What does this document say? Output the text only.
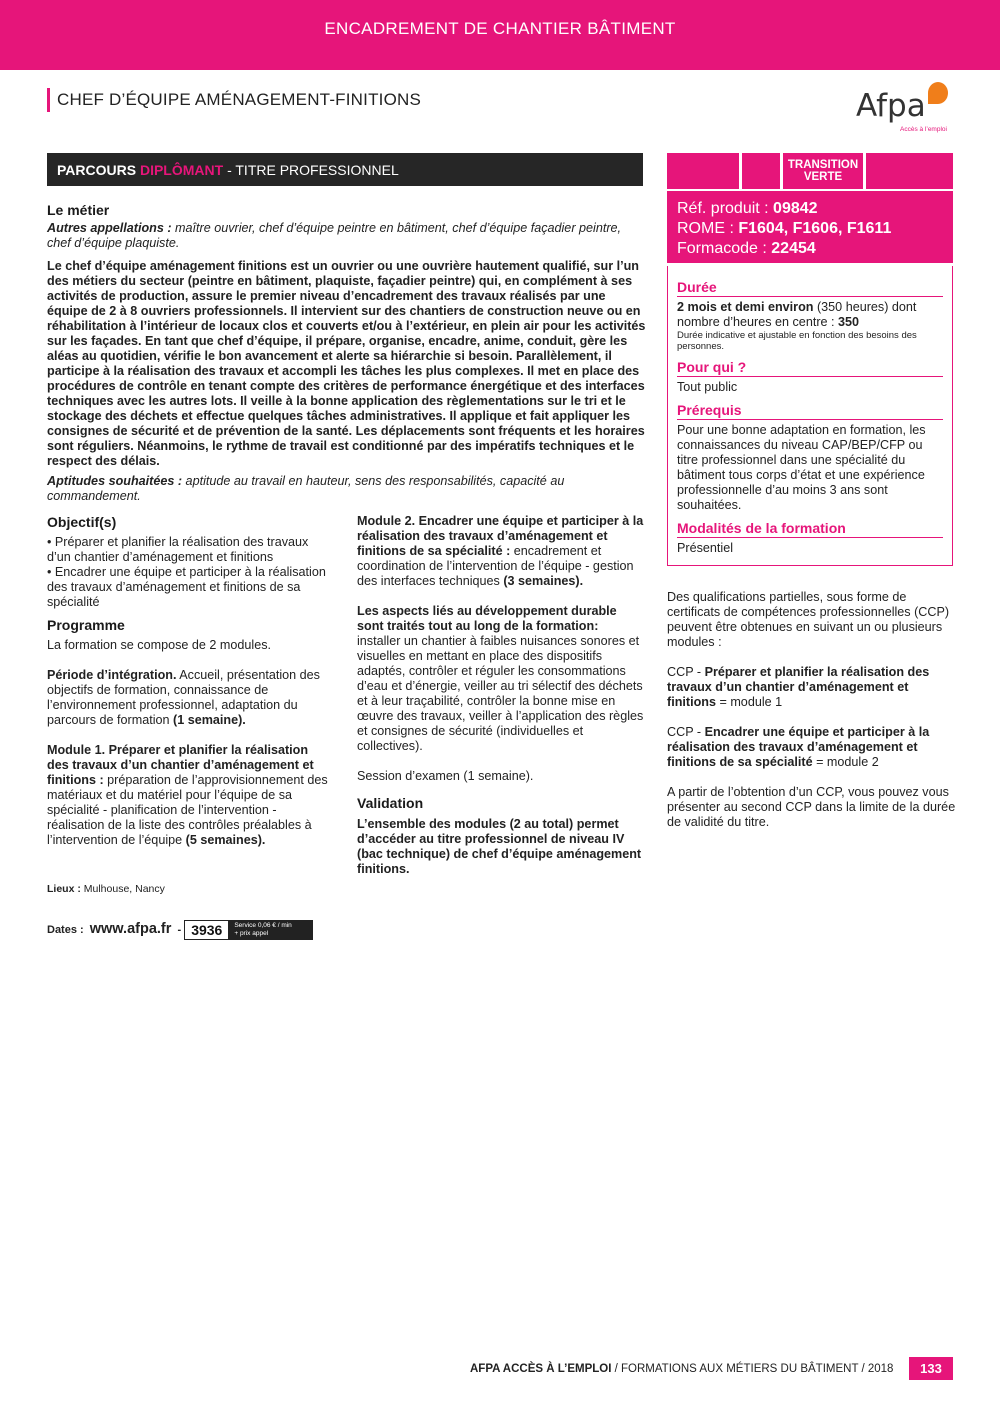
ENCADREMENT DE CHANTIER BÂTIMENT
CHEF D’ÉQUIPE AMÉNAGEMENT-FINITIONS	Afpa
Accès à l’emploi
PARCOURS DIPLÔMANT - TITRE PROFESSIONNEL
Le métier
Autres appellations : maître ouvrier, chef d’équipe peintre en bâtiment, chef d’équipe façadier peintre, chef d’équipe plaquiste.
Le chef d’équipe aménagement finitions est un ouvrier ou une ouvrière hautement qualifié, sur l’un des métiers du secteur (peintre en bâtiment, plaquiste, façadier peintre) qui, en complément à ses activités de production, assure le premier niveau d’encadrement des travaux réalisés par une équipe de 2 à 8 ouvriers professionnels. Il intervient sur des chantiers de construction neuve ou en réhabilitation à l’intérieur de locaux clos et couverts et/ou à l’extérieur, en plein air pour les activités sur les façades. En tant que chef d’équipe, il prépare, organise, encadre, anime, conduit, gère les aléas au quotidien, vérifie le bon avancement et alerte sa hiérarchie si besoin. Parallèlement, il participe à la réalisation des travaux et accompli les tâches les plus complexes. Il met en place des procédures de contrôle en tenant compte des critères de performance énergétique et des interfaces techniques avec les autres lots. Il veille à la bonne application des règlementations sur le tri et le stockage des déchets et effectue quelques tâches administratives. Il applique et fait appliquer les consignes de sécurité et de prévention de la santé. Les déplacements sont fréquents et les horaires sont réguliers. Néanmoins, le rythme de travail est conditionné par des impératifs techniques et le respect des délais.
Aptitudes souhaitées : aptitude au travail en hauteur, sens des responsabilités, capacité au commandement.
Objectif(s)
• Préparer et planifier la réalisation des travaux d’un chantier d’aménagement et finitions
• Encadrer une équipe et participer à la réalisation des travaux d’aménagement et finitions de sa spécialité
Programme
La formation se compose de 2 modules.
Période d’intégration. Accueil, présentation des objectifs de formation, connaissance de l’environnement professionnel, adaptation du parcours de formation (1 semaine).
Module 1. Préparer et planifier la réalisation des travaux d’un chantier d’aménagement et finitions : préparation de l’approvisionnement des matériaux et du matériel pour l’équipe de sa spécialité - planification de l’intervention - réalisation de la liste des contrôles préalables à l’intervention de l’équipe (5 semaines).
Module 2. Encadrer une équipe et participer à la réalisation des travaux d’aménagement et finitions de sa spécialité : encadrement et coordination de l’intervention de l’équipe - gestion des interfaces techniques (3 semaines).
Les aspects liés au développement durable sont traités tout au long de la formation: installer un chantier à faibles nuisances sonores et visuelles en mettant en place des dispositifs adaptés, contrôler et réguler les consommations d’eau et d’énergie, veiller au tri sélectif des déchets et à leur traçabilité, contrôler la bonne mise en œuvre des travaux, veiller à l’application des règles et consignes de sécurité (individuelles et collectives).
Session d’examen (1 semaine).
Validation
L’ensemble des modules (2 au total) permet d’accéder au titre professionnel de niveau IV (bac technique) de chef d’équipe aménagement finitions.
TRANSITION
VERTE
Réf. produit : 09842
ROME : F1604, F1606, F1611
Formacode : 22454
Durée
2 mois et demi environ (350 heures) dont nombre d’heures en centre : 350
Durée indicative et ajustable en fonction des besoins des personnes.
Pour qui ?
Tout public
Prérequis
Pour une bonne adaptation en formation, les connaissances du niveau CAP/BEP/CFP ou titre professionnel dans une spécialité du bâtiment tous corps d’état et une expérience professionnelle d’au moins 3 ans sont souhaitées.
Modalités de la formation
Présentiel
Des qualifications partielles, sous forme de certificats de compétences professionnelles (CCP) peuvent être obtenues en suivant un ou plusieurs modules :
CCP - Préparer et planifier la réalisation des travaux d’un chantier d’aménagement et finitions = module 1
CCP - Encadrer une équipe et participer à la réalisation des travaux d’aménagement et finitions de sa spécialité = module 2
A partir de l’obtention d’un CCP, vous pouvez vous présenter au second CCP dans la limite de la durée de validité du titre.
Lieux : Mulhouse, Nancy
Dates : www.afpa.fr - 3936 Service 0,06 € / min
+ prix appel
AFPA ACCÈS À L’EMPLOI / FORMATIONS AUX MÉTIERS DU BÂTIMENT / 2018	133
